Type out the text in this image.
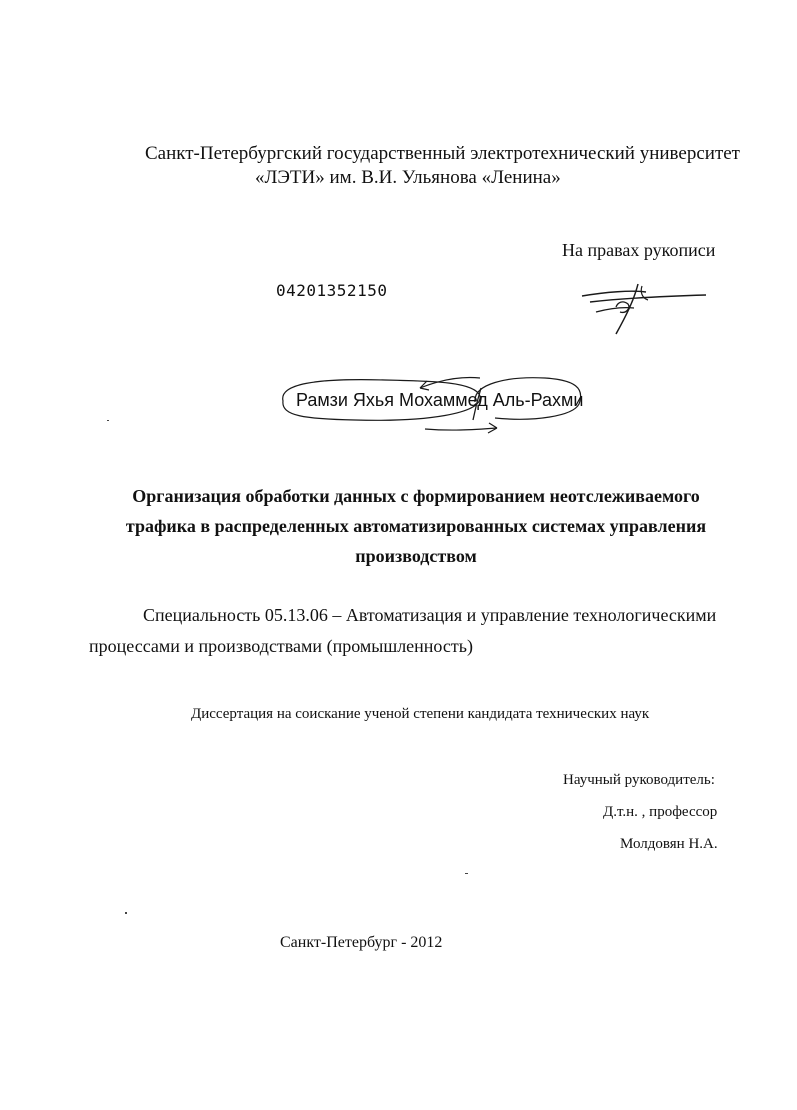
Санкт-Петербургский государственный электротехнический университет
«ЛЭТИ» им. В.И. Ульянова «Ленина»
На правах рукописи
04201352150
Рамзи Яхья Мохаммед Аль-Рахми
Организация обработки данных с формированием неотслеживаемого трафика в распределенных автоматизированных системах управления производством
Специальность 05.13.06 – Автоматизация и управление технологическими
процессами и производствами (промышленность)
Диссертация на соискание ученой степени кандидата технических наук
Научный руководитель:
Д.т.н. , профессор
Молдовян Н.А.
Санкт-Петербург - 2012
